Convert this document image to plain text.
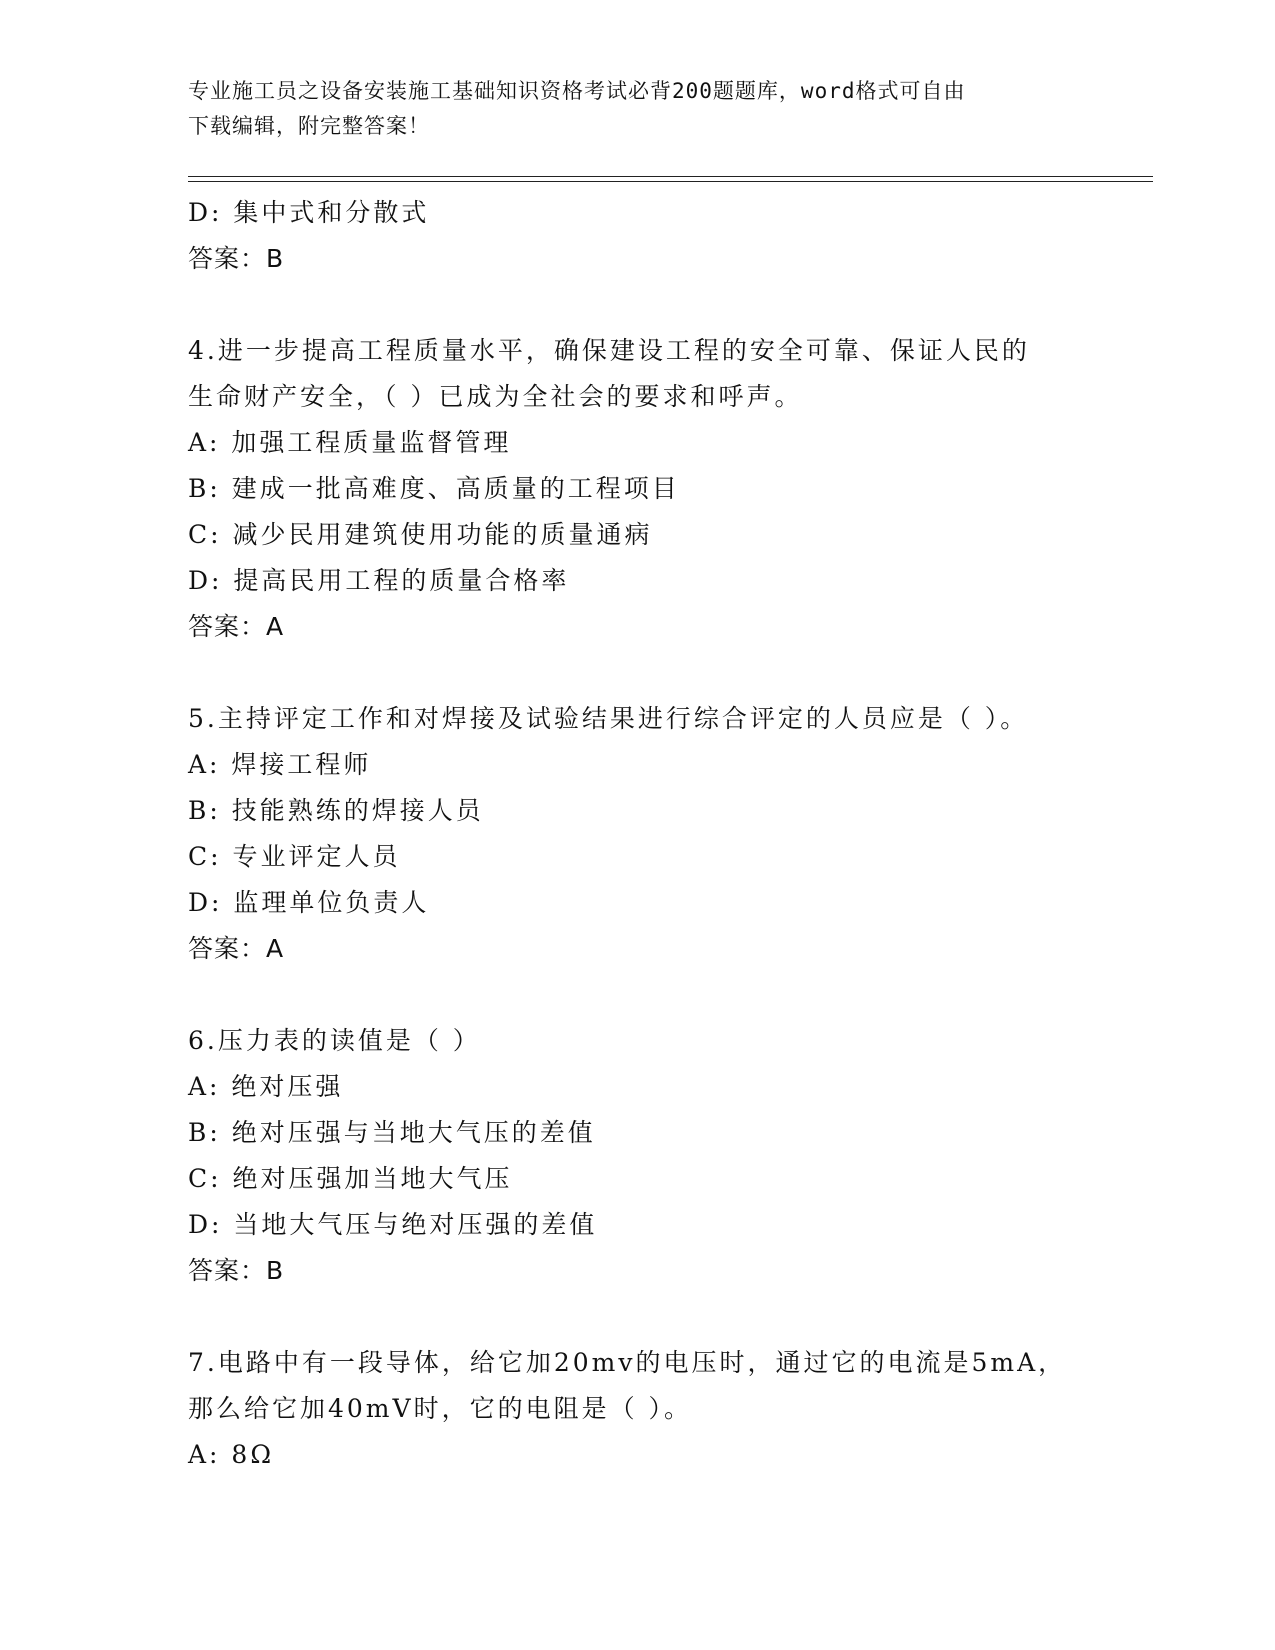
专业施工员之设备安装施工基础知识资格考试必背200题题库，word格式可自由
下载编辑，附完整答案！
D: 集中式和分散式
答案：B
4.进一步提高工程质量水平，确保建设工程的安全可靠、保证人民的
生命财产安全，（ ）已成为全社会的要求和呼声。
A: 加强工程质量监督管理
B: 建成一批高难度、高质量的工程项目
C: 减少民用建筑使用功能的质量通病
D: 提高民用工程的质量合格率
答案：A
5.主持评定工作和对焊接及试验结果进行综合评定的人员应是（ ）。
A: 焊接工程师
B: 技能熟练的焊接人员
C: 专业评定人员
D: 监理单位负责人
答案：A
6.压力表的读值是（ ）
A: 绝对压强
B: 绝对压强与当地大气压的差值
C: 绝对压强加当地大气压
D: 当地大气压与绝对压强的差值
答案：B
7.电路中有一段导体，给它加20mv的电压时，通过它的电流是5mA，
那么给它加40mV时，它的电阻是（ ）。
A: 8Ω
